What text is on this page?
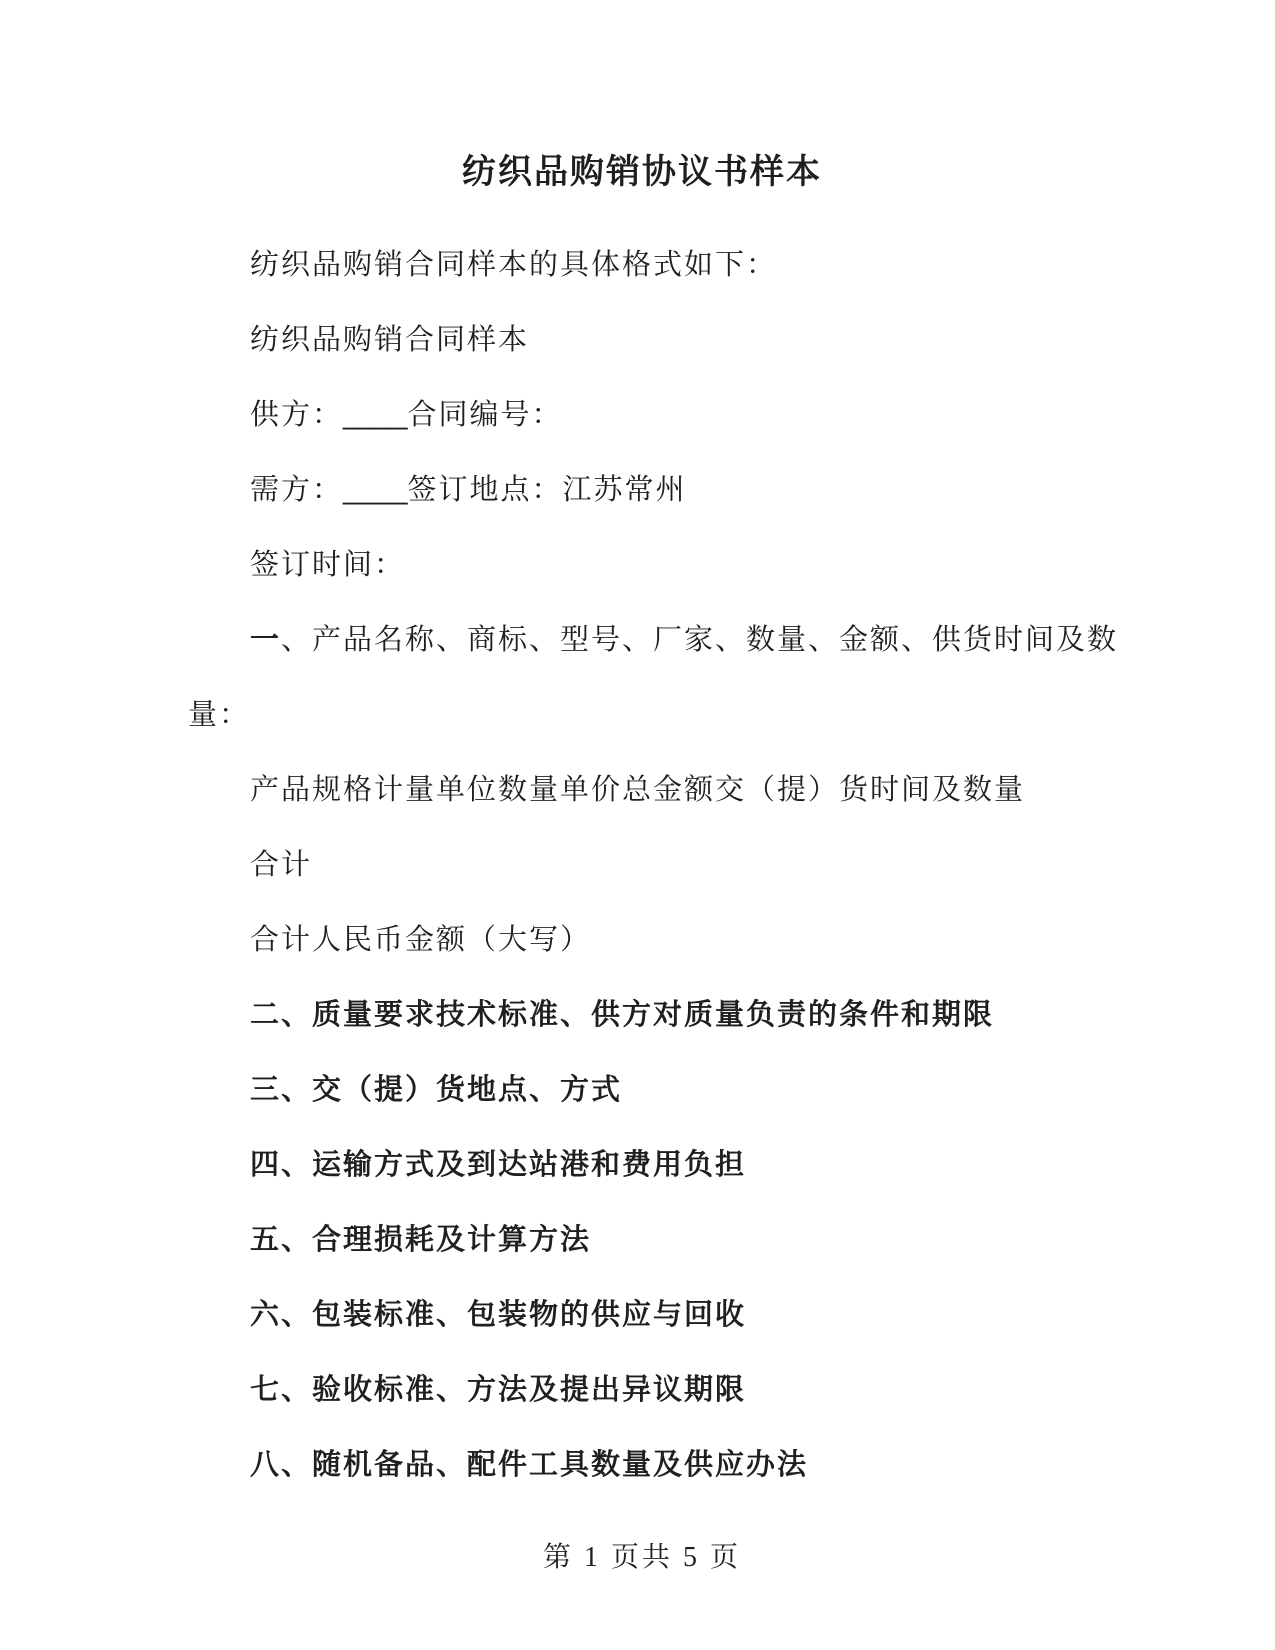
纺织品购销协议书样本
纺织品购销合同样本的具体格式如下：
纺织品购销合同样本
供方：____合同编号：
需方：____签订地点：江苏常州
签订时间：
一、产品名称、商标、型号、厂家、数量、金额、供货时间及数
量：
产品规格计量单位数量单价总金额交（提）货时间及数量
合计
合计人民币金额（大写）
二、质量要求技术标准、供方对质量负责的条件和期限
三、交（提）货地点、方式
四、运输方式及到达站港和费用负担
五、合理损耗及计算方法
六、包装标准、包装物的供应与回收
七、验收标准、方法及提出异议期限
八、随机备品、配件工具数量及供应办法
第 1 页共 5 页
